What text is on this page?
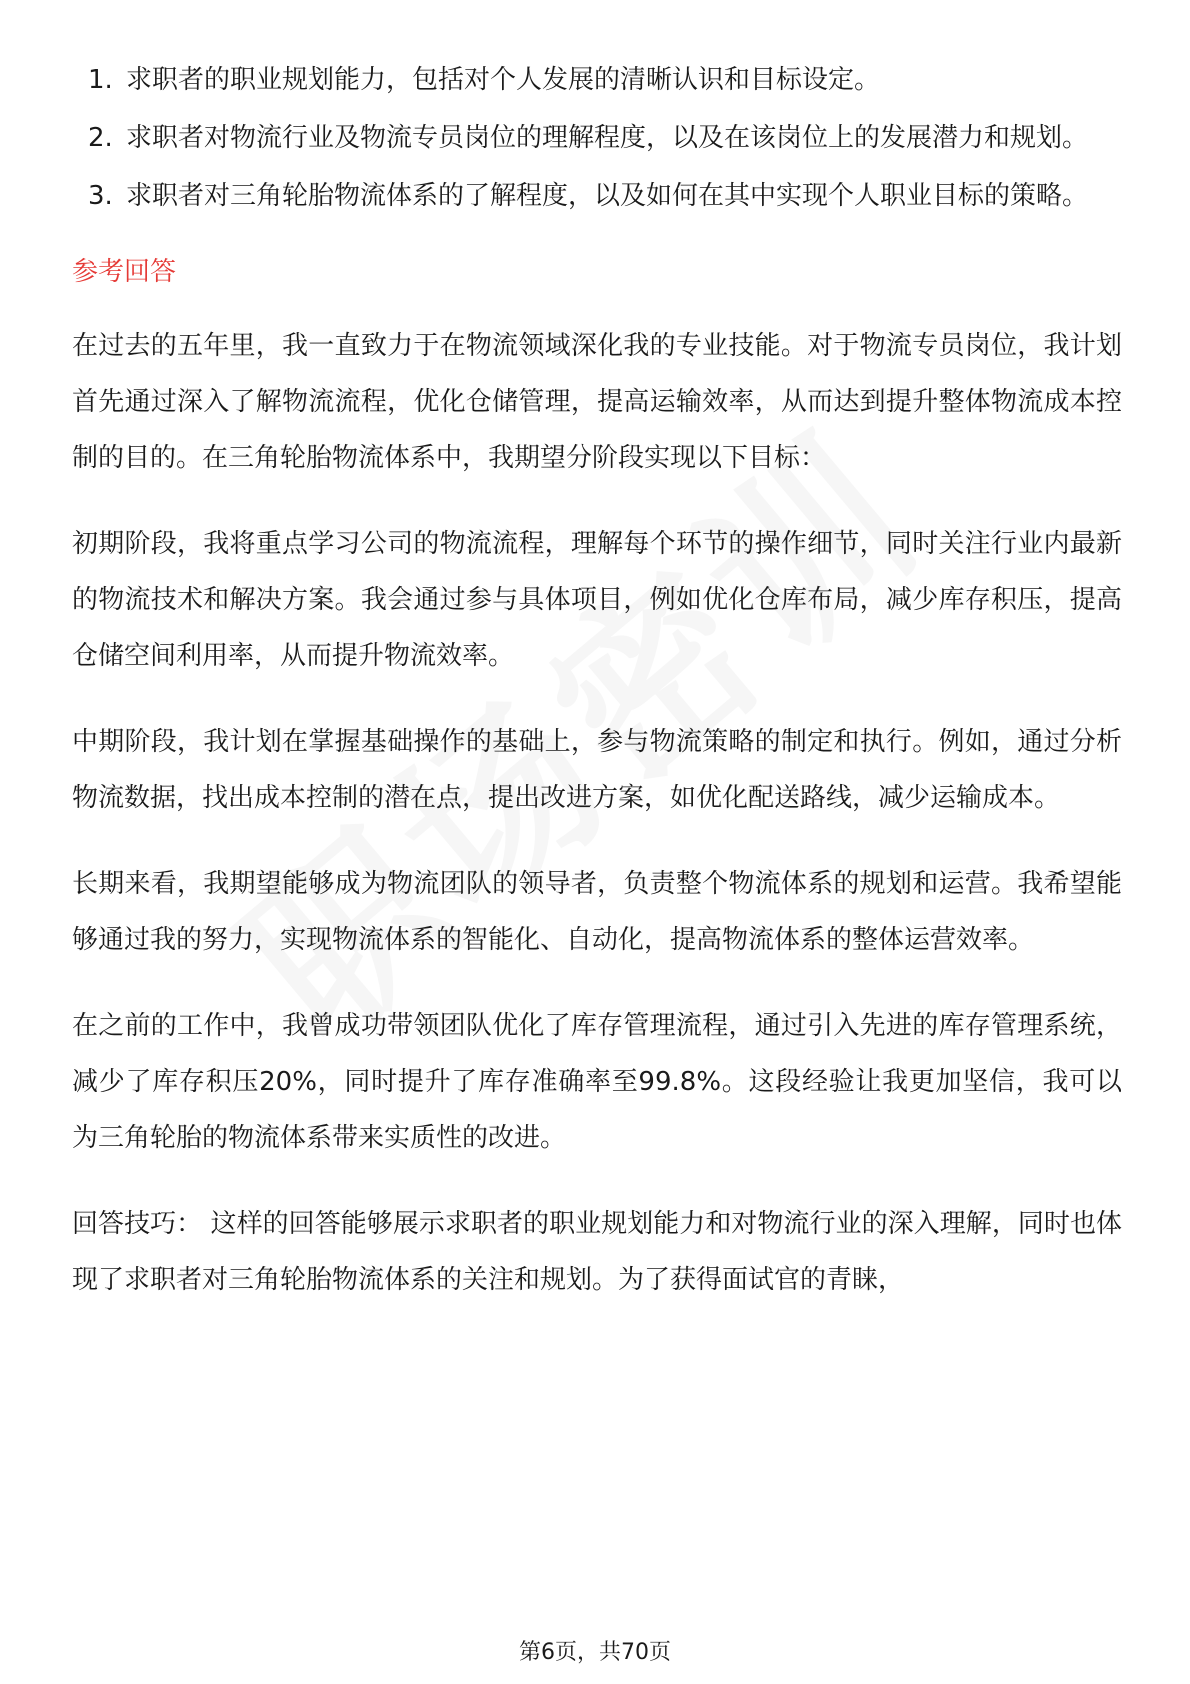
1. 求职者的职业规划能力，包括对个人发展的清晰认识和目标设定。
2. 求职者对物流行业及物流专员岗位的理解程度，以及在该岗位上的发展潜力和规划。
3. 求职者对三角轮胎物流体系的了解程度，以及如何在其中实现个人职业目标的策略。
参考回答

在过去的五年里，我一直致力于在物流领域深化我的专业技能。对于物流专员岗位，我计划首先通过深入了解物流流程，优化仓储管理，提高运输效率，从而达到提升整体物流成本控制的目的。在三角轮胎物流体系中，我期望分阶段实现以下目标：

初期阶段，我将重点学习公司的物流流程，理解每个环节的操作细节，同时关注行业内最新的物流技术和解决方案。我会通过参与具体项目，例如优化仓库布局，减少库存积压，提高仓储空间利用率，从而提升物流效率。

中期阶段，我计划在掌握基础操作的基础上，参与物流策略的制定和执行。例如，通过分析物流数据，找出成本控制的潜在点，提出改进方案，如优化配送路线，减少运输成本。

长期来看，我期望能够成为物流团队的领导者，负责整个物流体系的规划和运营。我希望能够通过我的努力，实现物流体系的智能化、自动化，提高物流体系的整体运营效率。

在之前的工作中，我曾成功带领团队优化了库存管理流程，通过引入先进的库存管理系统，减少了库存积压20%，同时提升了库存准确率至99.8%。这段经验让我更加坚信，我可以为三角轮胎的物流体系带来实质性的改进。

回答技巧： 这样的回答能够展示求职者的职业规划能力和对物流行业的深入理解，同时也体现了求职者对三角轮胎物流体系的关注和规划。为了获得面试官的青睐，

第6页，共70页
